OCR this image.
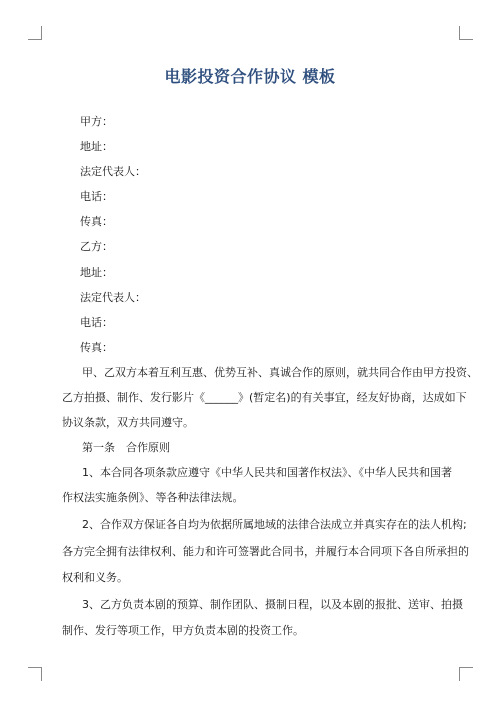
电影投资合作协议 模板
甲方：
地址：
法定代表人：
电话：
传真：
乙方：
地址：
法定代表人：
电话：
传真：
甲、乙双方本着互利互惠、优势互补、真诚合作的原则，就共同合作由甲方投资、
乙方拍摄、制作、发行影片《______》(暂定名)的有关事宜，经友好协商，达成如下
协议条款，双方共同遵守。
第一条　合作原则
1、本合同各项条款应遵守《中华人民共和国著作权法》、《中华人民共和国著
作权法实施条例》、等各种法律法规。
2、合作双方保证各自均为依据所属地域的法律合法成立并真实存在的法人机构;
各方完全拥有法律权利、能力和许可签署此合同书，并履行本合同项下各自所承担的
权利和义务。
3、乙方负责本剧的预算、制作团队、摄制日程，以及本剧的报批、送审、拍摄
制作、发行等项工作，甲方负责本剧的投资工作。
